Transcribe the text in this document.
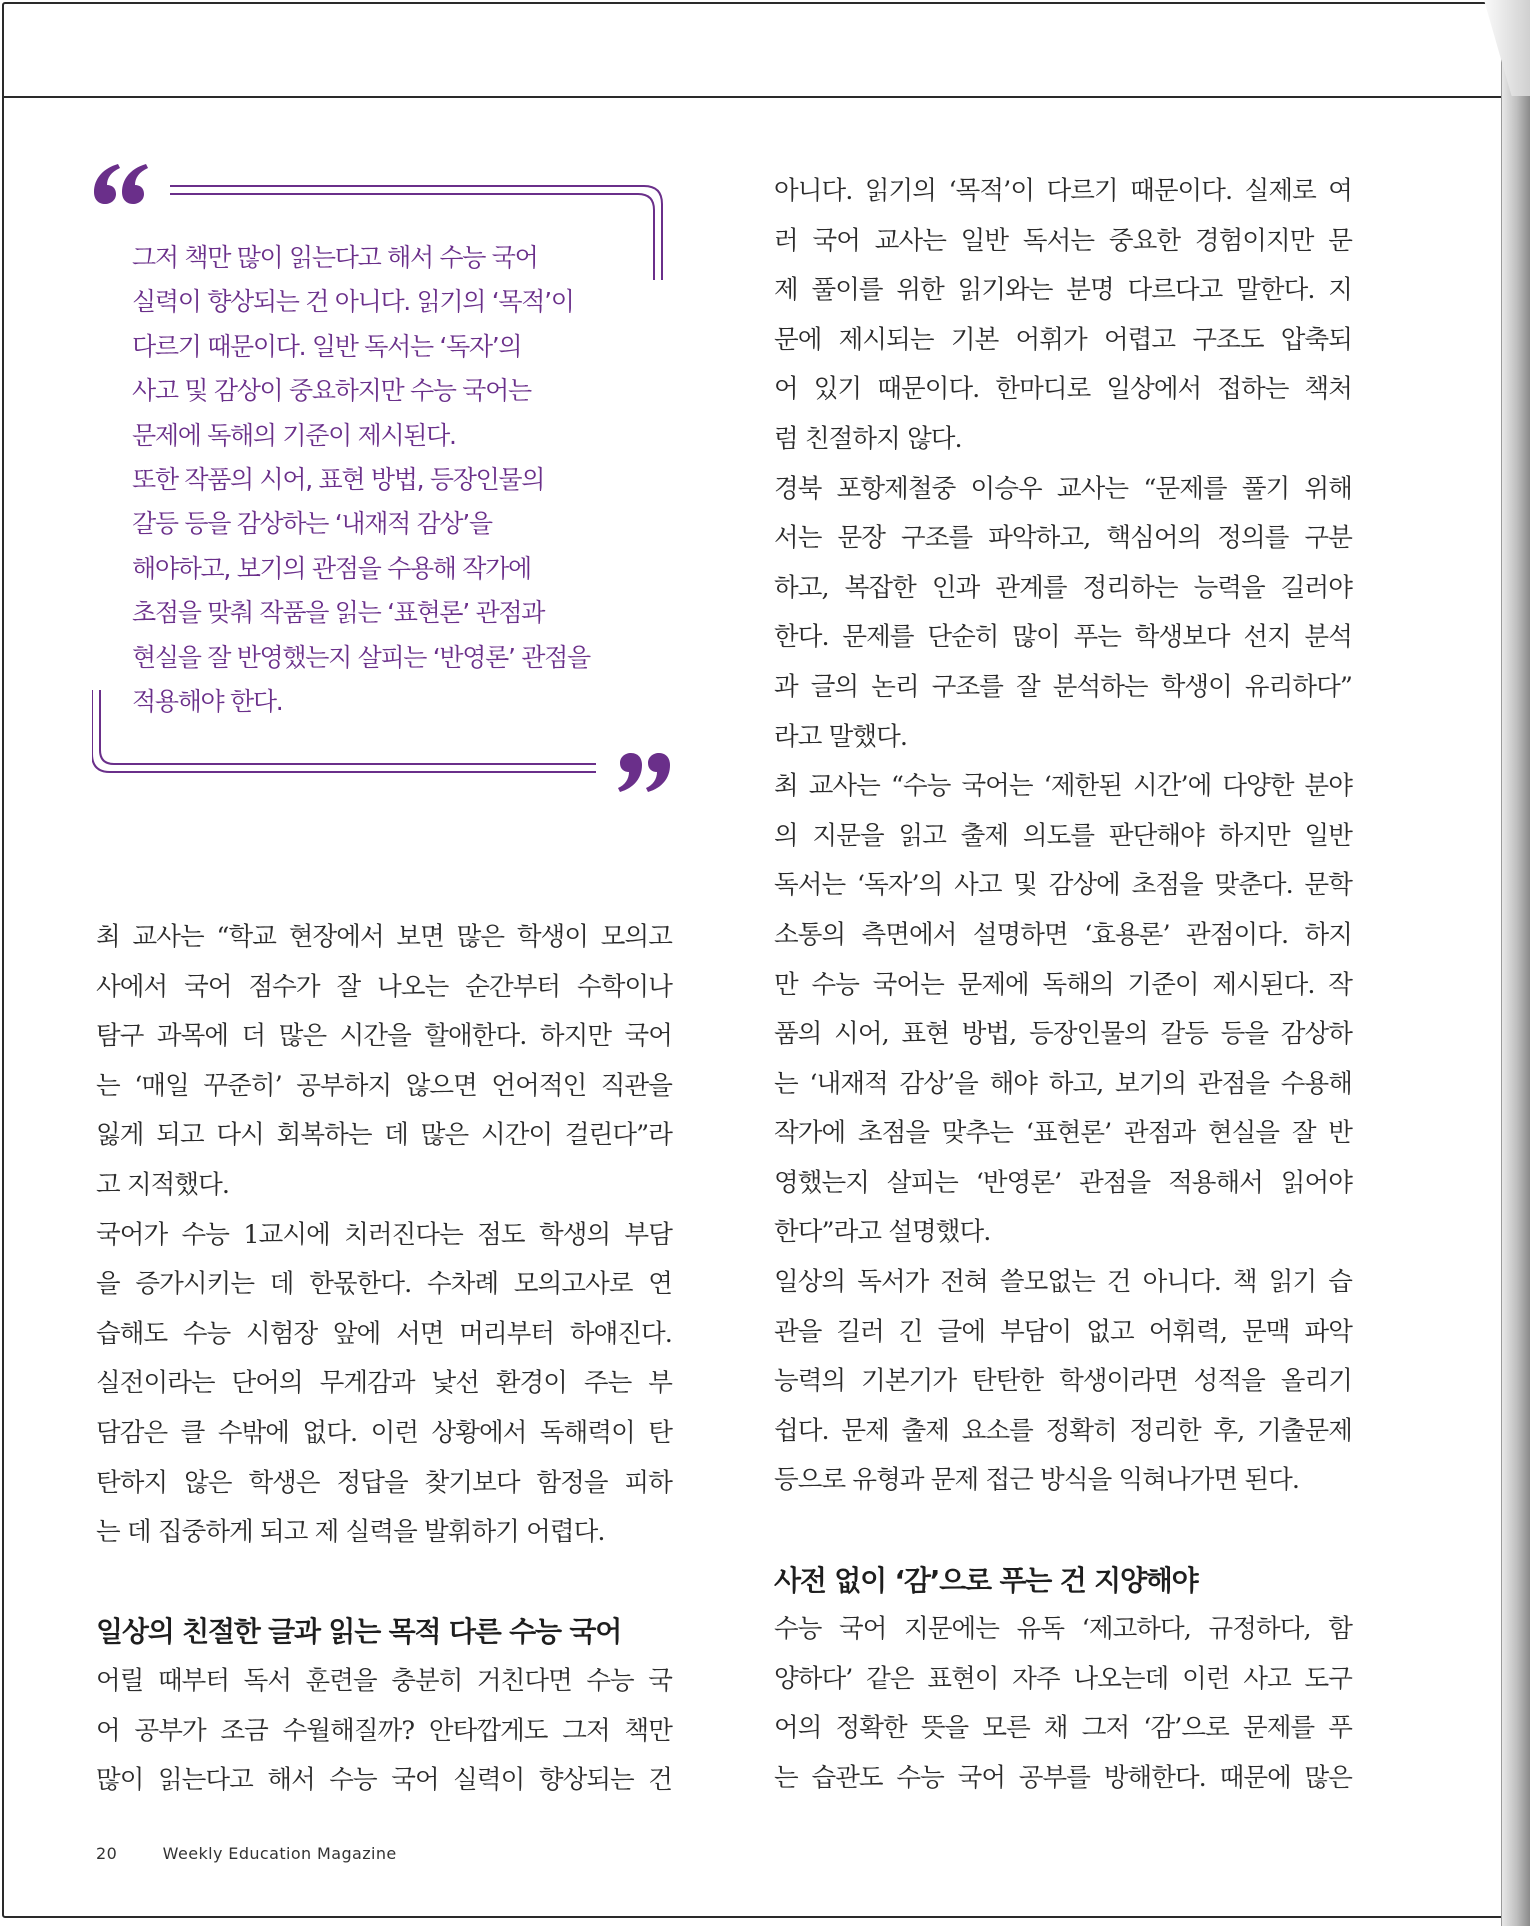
그저 책만 많이 읽는다고 해서 수능 국어
실력이 향상되는 건 아니다. 읽기의 ‘목적’이
다르기 때문이다. 일반 독서는 ‘독자’의
사고 및 감상이 중요하지만 수능 국어는
문제에 독해의 기준이 제시된다.
또한 작품의 시어, 표현 방법, 등장인물의
갈등 등을 감상하는 ‘내재적 감상’을
해야하고, 보기의 관점을 수용해 작가에
초점을 맞춰 작품을 읽는 ‘표현론’ 관점과
현실을 잘 반영했는지 살피는 ‘반영론’ 관점을
적용해야 한다.
최 교사는 “학교 현장에서 보면 많은 학생이 모의고
사에서 국어 점수가 잘 나오는 순간부터 수학이나
탐구 과목에 더 많은 시간을 할애한다. 하지만 국어
는 ‘매일 꾸준히’ 공부하지 않으면 언어적인 직관을
잃게 되고 다시 회복하는 데 많은 시간이 걸린다”라
고 지적했다.
국어가 수능 1교시에 치러진다는 점도 학생의 부담
을 증가시키는 데 한몫한다. 수차례 모의고사로 연
습해도 수능 시험장 앞에 서면 머리부터 하얘진다.
실전이라는 단어의 무게감과 낯선 환경이 주는 부
담감은 클 수밖에 없다. 이런 상황에서 독해력이 탄
탄하지 않은 학생은 정답을 찾기보다 함정을 피하
는 데 집중하게 되고 제 실력을 발휘하기 어렵다.
일상의 친절한 글과 읽는 목적 다른 수능 국어
어릴 때부터 독서 훈련을 충분히 거친다면 수능 국
어 공부가 조금 수월해질까? 안타깝게도 그저 책만
많이 읽는다고 해서 수능 국어 실력이 향상되는 건
아니다. 읽기의 ‘목적’이 다르기 때문이다. 실제로 여
러 국어 교사는 일반 독서는 중요한 경험이지만 문
제 풀이를 위한 읽기와는 분명 다르다고 말한다. 지
문에 제시되는 기본 어휘가 어렵고 구조도 압축되
어 있기 때문이다. 한마디로 일상에서 접하는 책처
럼 친절하지 않다.
경북 포항제철중 이승우 교사는 “문제를 풀기 위해
서는 문장 구조를 파악하고, 핵심어의 정의를 구분
하고, 복잡한 인과 관계를 정리하는 능력을 길러야
한다. 문제를 단순히 많이 푸는 학생보다 선지 분석
과 글의 논리 구조를 잘 분석하는 학생이 유리하다”
라고 말했다.
최 교사는 “수능 국어는 ‘제한된 시간’에 다양한 분야
의 지문을 읽고 출제 의도를 판단해야 하지만 일반
독서는 ‘독자’의 사고 및 감상에 초점을 맞춘다. 문학
소통의 측면에서 설명하면 ‘효용론’ 관점이다. 하지
만 수능 국어는 문제에 독해의 기준이 제시된다. 작
품의 시어, 표현 방법, 등장인물의 갈등 등을 감상하
는 ‘내재적 감상’을 해야 하고, 보기의 관점을 수용해
작가에 초점을 맞추는 ‘표현론’ 관점과 현실을 잘 반
영했는지 살피는 ‘반영론’ 관점을 적용해서 읽어야
한다”라고 설명했다.
일상의 독서가 전혀 쓸모없는 건 아니다. 책 읽기 습
관을 길러 긴 글에 부담이 없고 어휘력, 문맥 파악
능력의 기본기가 탄탄한 학생이라면 성적을 올리기
쉽다. 문제 출제 요소를 정확히 정리한 후, 기출문제
등으로 유형과 문제 접근 방식을 익혀나가면 된다.
사전 없이 ‘감’으로 푸는 건 지양해야
수능 국어 지문에는 유독 ‘제고하다, 규정하다, 함
양하다’ 같은 표현이 자주 나오는데 이런 사고 도구
어의 정확한 뜻을 모른 채 그저 ‘감’으로 문제를 푸
는 습관도 수능 국어 공부를 방해한다. 때문에 많은
20	Weekly Education Magazine
